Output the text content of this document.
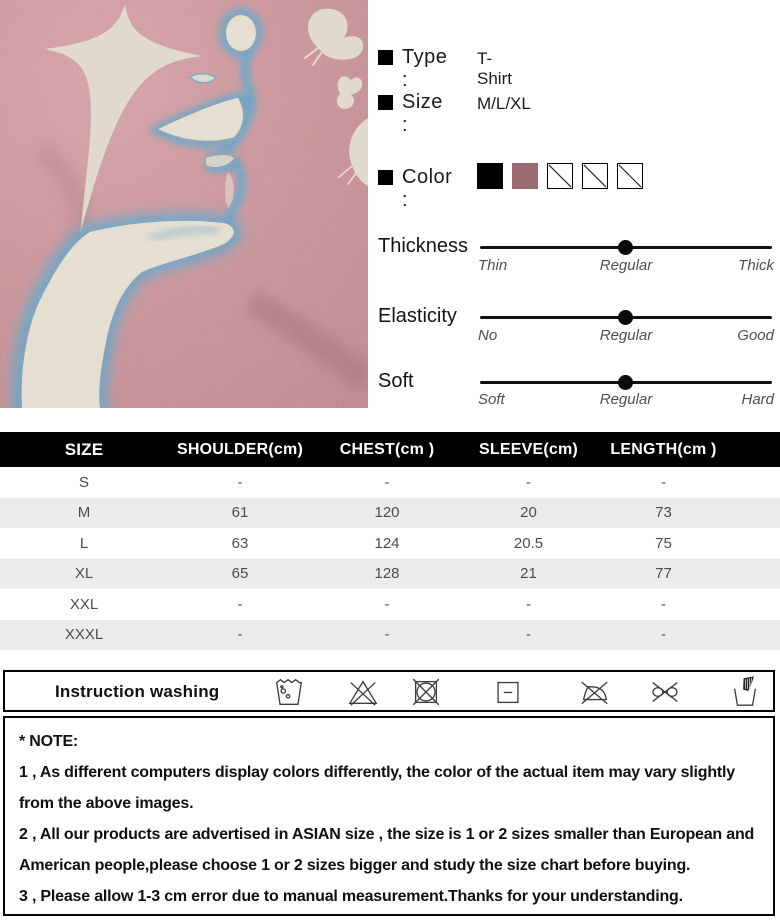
Type :
T-Shirt
Size :
M/L/XL
Color :
Thickness
Thin	Regular	Thick
Elasticity
No	Regular	Good
Soft
Soft	Regular	Hard
SIZE	SHOULDER(cm)	CHEST(cm )	SLEEVE(cm)	LENGTH(cm )
S	-	-	-	-
M	61	120	20	73
L	63	124	20.5	75
XL	65	128	21	77
XXL	-	-	-	-
XXXL	-	-	-	-
Instruction washing
* NOTE:

1 , As different computers display colors differently, the color of the actual item may vary slightly from the above images.

2 , All our products are advertised in ASIAN size , the size is 1 or 2 sizes smaller than European and American people,please choose 1 or 2 sizes bigger and study the size chart before buying.

3 , Please allow 1-3 cm error due to manual measurement.Thanks for your understanding.
